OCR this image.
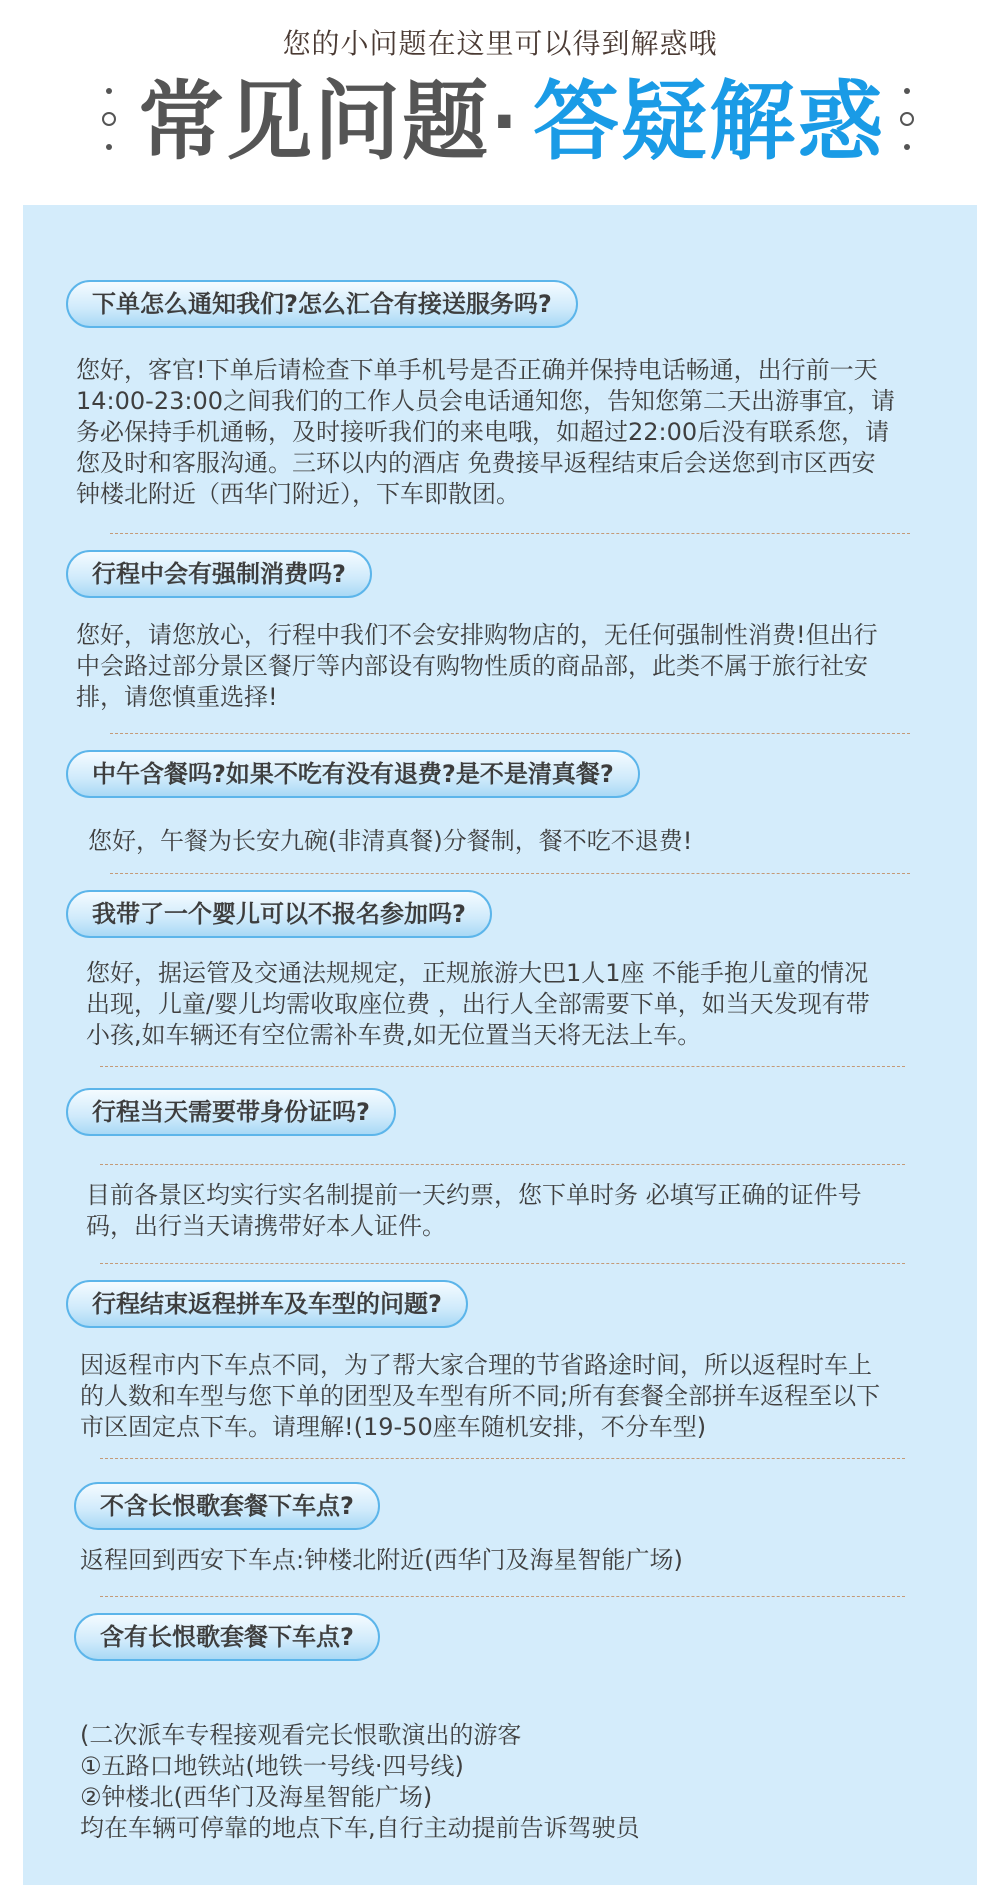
您的小问题在这里可以得到解惑哦
常见问题 · 答疑解惑
下单怎么通知我们?怎么汇合有接送服务吗?
您好，客官!下单后请检查下单手机号是否正确并保持电话畅通，出行前一天
14:00-23:00之间我们的工作人员会电话通知您，告知您第二天出游事宜，请
务必保持手机通畅，及时接听我们的来电哦，如超过22:00后没有联系您，请
您及时和客服沟通。三环以内的酒店 免费接早返程结束后会送您到市区西安
钟楼北附近（西华门附近），下车即散团。
行程中会有强制消费吗?
您好，请您放心，行程中我们不会安排购物店的，无任何强制性消费!但出行
中会路过部分景区餐厅等内部设有购物性质的商品部，此类不属于旅行社安
排，请您慎重选择!
中午含餐吗?如果不吃有没有退费?是不是清真餐?
您好，午餐为长安九碗(非清真餐)分餐制，餐不吃不退费!
我带了一个婴儿可以不报名参加吗?
您好，据运管及交通法规规定，正规旅游大巴1人1座 不能手抱儿童的情况
出现，儿童/婴儿均需收取座位费 ，出行人全部需要下单，如当天发现有带
小孩,如车辆还有空位需补车费,如无位置当天将无法上车。
行程当天需要带身份证吗?
目前各景区均实行实名制提前一天约票，您下单时务 必填写正确的证件号
码，出行当天请携带好本人证件。
行程结束返程拼车及车型的问题?
因返程市内下车点不同，为了帮大家合理的节省路途时间，所以返程时车上
的人数和车型与您下单的团型及车型有所不同;所有套餐全部拼车返程至以下
市区固定点下车。请理解!(19-50座车随机安排，不分车型)
不含长恨歌套餐下车点?
返程回到西安下车点:钟楼北附近(西华门及海星智能广场)
含有长恨歌套餐下车点?
(二次派车专程接观看完长恨歌演出的游客
①五路口地铁站(地铁一号线·四号线)
②钟楼北(西华门及海星智能广场)
均在车辆可停靠的地点下车,自行主动提前告诉驾驶员
